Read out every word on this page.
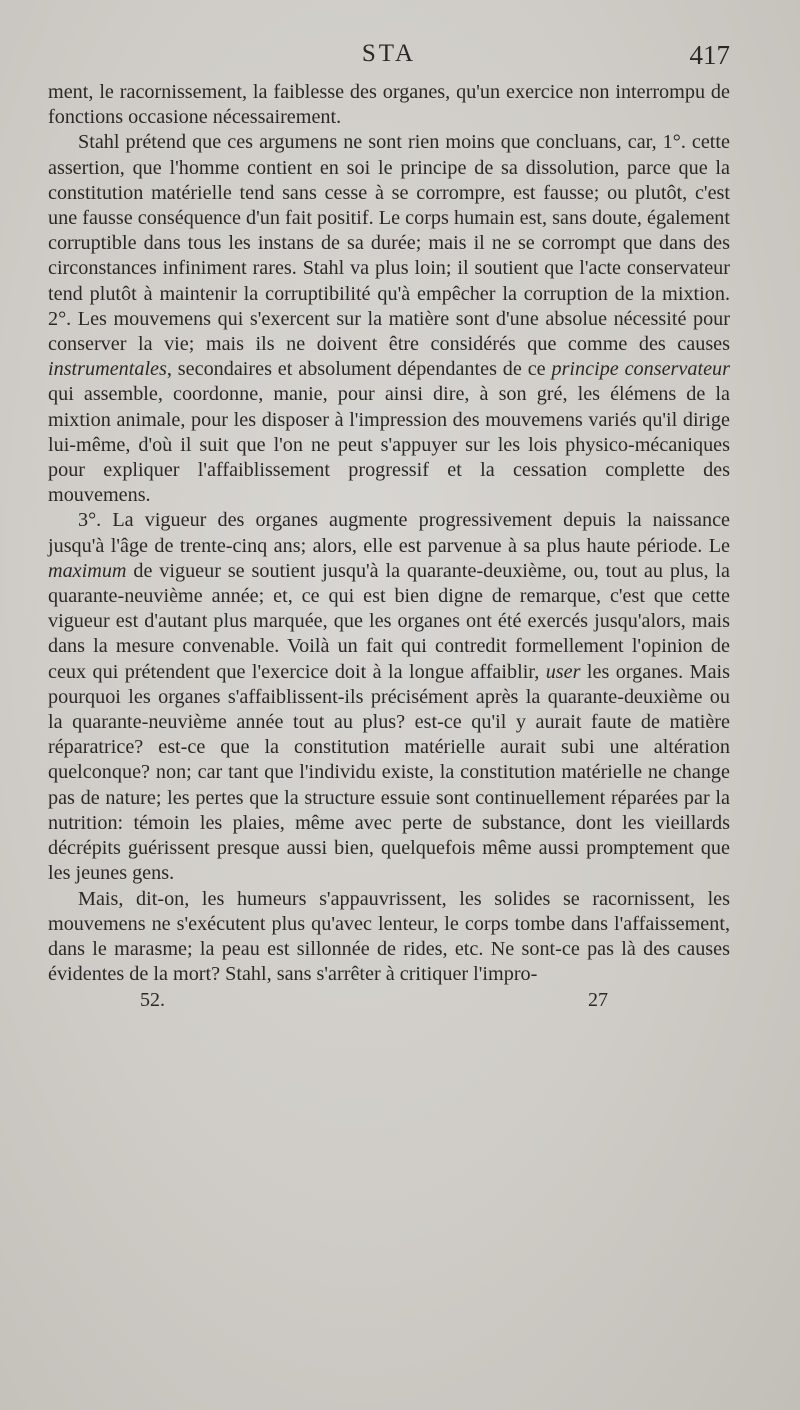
STA	417

ment, le racornissement, la faiblesse des organes, qu'un exercice non interrompu de fonctions occasione nécessairement.

Stahl prétend que ces argumens ne sont rien moins que concluans, car, 1°. cette assertion, que l'homme contient en soi le principe de sa dissolution, parce que la constitution matérielle tend sans cesse à se corrompre, est fausse; ou plutôt, c'est une fausse conséquence d'un fait positif. Le corps humain est, sans doute, également corruptible dans tous les instans de sa durée; mais il ne se corrompt que dans des circonstances infiniment rares. Stahl va plus loin; il soutient que l'acte conservateur tend plutôt à maintenir la corruptibilité qu'à empêcher la corruption de la mixtion. 2°. Les mouvemens qui s'exercent sur la matière sont d'une absolue nécessité pour conserver la vie; mais ils ne doivent être considérés que comme des causes instrumentales, secondaires et absolument dépendantes de ce principe conservateur qui assemble, coordonne, manie, pour ainsi dire, à son gré, les élémens de la mixtion animale, pour les disposer à l'impression des mouvemens variés qu'il dirige lui-même, d'où il suit que l'on ne peut s'appuyer sur les lois physico-mécaniques pour expliquer l'affaiblissement progressif et la cessation complette des mouvemens.

3°. La vigueur des organes augmente progressivement depuis la naissance jusqu'à l'âge de trente-cinq ans; alors, elle est parvenue à sa plus haute période. Le maximum de vigueur se soutient jusqu'à la quarante-deuxième, ou, tout au plus, la quarante-neuvième année; et, ce qui est bien digne de remarque, c'est que cette vigueur est d'autant plus marquée, que les organes ont été exercés jusqu'alors, mais dans la mesure convenable. Voilà un fait qui contredit formellement l'opinion de ceux qui prétendent que l'exercice doit à la longue affaiblir, user les organes. Mais pourquoi les organes s'affaiblissent-ils précisément après la quarante-deuxième ou la quarante-neuvième année tout au plus? est-ce qu'il y aurait faute de matière réparatrice? est-ce que la constitution matérielle aurait subi une altération quelconque? non; car tant que l'individu existe, la constitution matérielle ne change pas de nature; les pertes que la structure essuie sont continuellement réparées par la nutrition: témoin les plaies, même avec perte de substance, dont les vieillards décrépits guérissent presque aussi bien, quelquefois même aussi promptement que les jeunes gens.

Mais, dit-on, les humeurs s'appauvrissent, les solides se racornissent, les mouvemens ne s'exécutent plus qu'avec lenteur, le corps tombe dans l'affaissement, dans le marasme; la peau est sillonnée de rides, etc. Ne sont-ce pas là des causes évidentes de la mort? Stahl, sans s'arrêter à critiquer l'impro-

52.	27
